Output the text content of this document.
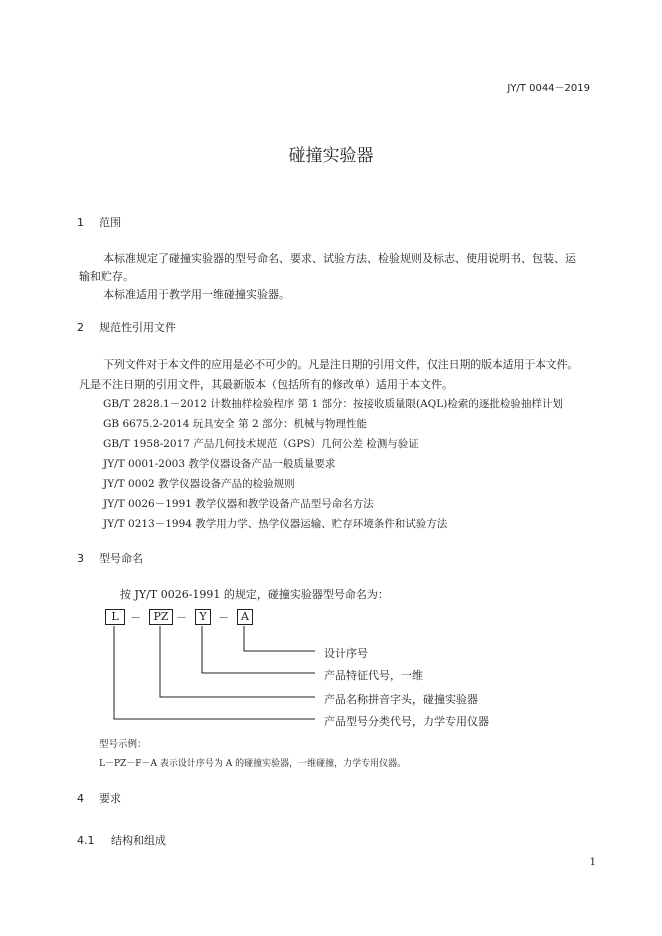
JY/T 0044－2019
碰撞实验器
1 范围
本标准规定了碰撞实验器的型号命名、要求、试验方法、检验规则及标志、使用说明书、包装、运
输和贮存。
本标准适用于教学用一维碰撞实验器。
2 规范性引用文件
下列文件对于本文件的应用是必不可少的。凡是注日期的引用文件，仅注日期的版本适用于本文件。
凡是不注日期的引用文件，其最新版本（包括所有的修改单）适用于本文件。
GB/T 2828.1－2012 计数抽样检验程序 第 1 部分：按接收质量限(AQL)检索的逐批检验抽样计划
GB 6675.2-2014 玩具安全 第 2 部分：机械与物理性能
GB/T 1958-2017 产品几何技术规范（GPS）几何公差 检测与验证
JY/T 0001-2003 教学仪器设备产品一般质量要求
JY/T 0002 教学仪器设备产品的检验规则
JY/T 0026－1991 教学仪器和教学设备产品型号命名方法
JY/T 0213－1994 教学用力学、热学仪器运输、贮存环境条件和试验方法
3 型号命名
按 JY/T 0026-1991 的规定，碰撞实验器型号命名为：
L	－	PZ －	Y	－	A
设计序号
产品特征代号，一维
产品名称拼音字头，碰撞实验器
产品型号分类代号，力学专用仪器
型号示例：
L－PZ－F－A 表示设计序号为 A 的碰撞实验器，一维碰撞，力学专用仪器。
4 要求
4.1 结构和组成
1
